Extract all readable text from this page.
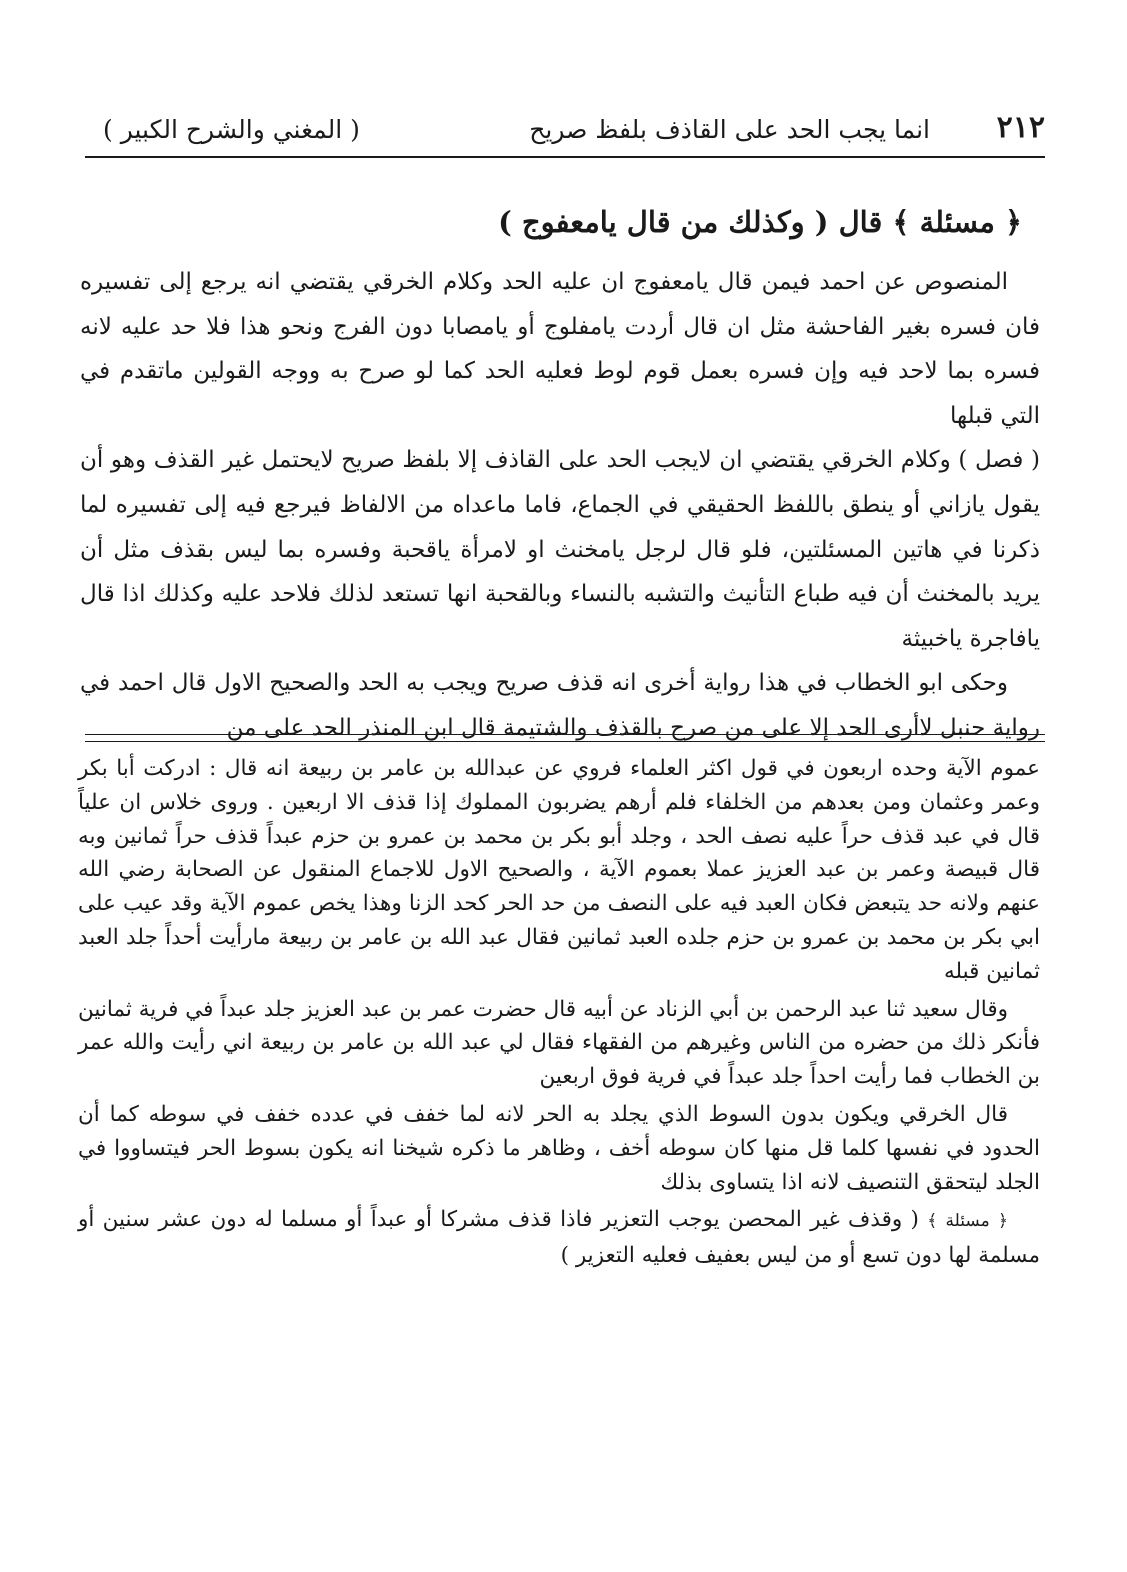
٢١٢
انما يجب الحد على القاذف بلفظ صريح
( المغني والشرح الكبير )
﴿ مسئلة ﴾ قال ( وكذلك من قال يامعفوج )

المنصوص عن احمد فيمن قال يامعفوج ان عليه الحد وكلام الخرقي يقتضي انه يرجع إلى تفسيره فان فسره بغير الفاحشة مثل ان قال أردت يامفلوج أو يامصابا دون الفرج ونحو هذا فلا حد عليه لانه فسره بما لاحد فيه وإن فسره بعمل قوم لوط فعليه الحد كما لو صرح به ووجه القولين ماتقدم في التي قبلها

( فصل ) وكلام الخرقي يقتضي ان لايجب الحد على القاذف إلا بلفظ صريح لايحتمل غير القذف وهو أن يقول يازاني أو ينطق باللفظ الحقيقي في الجماع، فاما ماعداه من الالفاظ فيرجع فيه إلى تفسيره لما ذكرنا في هاتين المسئلتين، فلو قال لرجل يامخنث او لامرأة ياقحبة وفسره بما ليس بقذف مثل أن يريد بالمخنث أن فيه طباع التأنيث والتشبه بالنساء وبالقحبة انها تستعد لذلك فلاحد عليه وكذلك اذا قال يافاجرة ياخبيثة

وحكى ابو الخطاب في هذا رواية أخرى انه قذف صريح ويجب به الحد والصحيح الاول قال احمد في رواية حنبل لاأرى الحد إلا على من صرح بالقذف والشتيمة قال ابن المنذر الحد على من

عموم الآية وحده اربعون في قول اكثر العلماء فروي عن عبدالله بن عامر بن ربيعة انه قال : ادركت أبا بكر وعمر وعثمان ومن بعدهم من الخلفاء فلم أرهم يضربون المملوك إذا قذف الا اربعين . وروى خلاس ان علياً قال في عبد قذف حراً عليه نصف الحد ، وجلد أبو بكر بن محمد بن عمرو بن حزم عبداً قذف حراً ثمانين وبه قال قبيصة وعمر بن عبد العزيز عملا بعموم الآية ، والصحيح الاول للاجماع المنقول عن الصحابة رضي الله عنهم ولانه حد يتبعض فكان العبد فيه على النصف من حد الحر كحد الزنا وهذا يخص عموم الآية وقد عيب على ابي بكر بن محمد بن عمرو بن حزم جلده العبد ثمانين فقال عبد الله بن عامر بن ربيعة مارأيت أحداً جلد العبد ثمانين قبله

وقال سعيد ثنا عبد الرحمن بن أبي الزناد عن أبيه قال حضرت عمر بن عبد العزيز جلد عبداً في فرية ثمانين فأنكر ذلك من حضره من الناس وغيرهم من الفقهاء فقال لي عبد الله بن عامر بن ربيعة اني رأيت والله عمر بن الخطاب فما رأيت احداً جلد عبداً في فرية فوق اربعين

قال الخرقي ويكون بدون السوط الذي يجلد به الحر لانه لما خفف في عدده خفف في سوطه كما أن الحدود في نفسها كلما قل منها كان سوطه أخف ، وظاهر ما ذكره شيخنا انه يكون بسوط الحر فيتساووا في الجلد ليتحقق التنصيف لانه اذا يتساوى بذلك

﴿ مسئلة ﴾ ( وقذف غير المحصن يوجب التعزير فاذا قذف مشركا أو عبداً أو مسلما له دون عشر سنين أو مسلمة لها دون تسع أو من ليس بعفيف فعليه التعزير )
